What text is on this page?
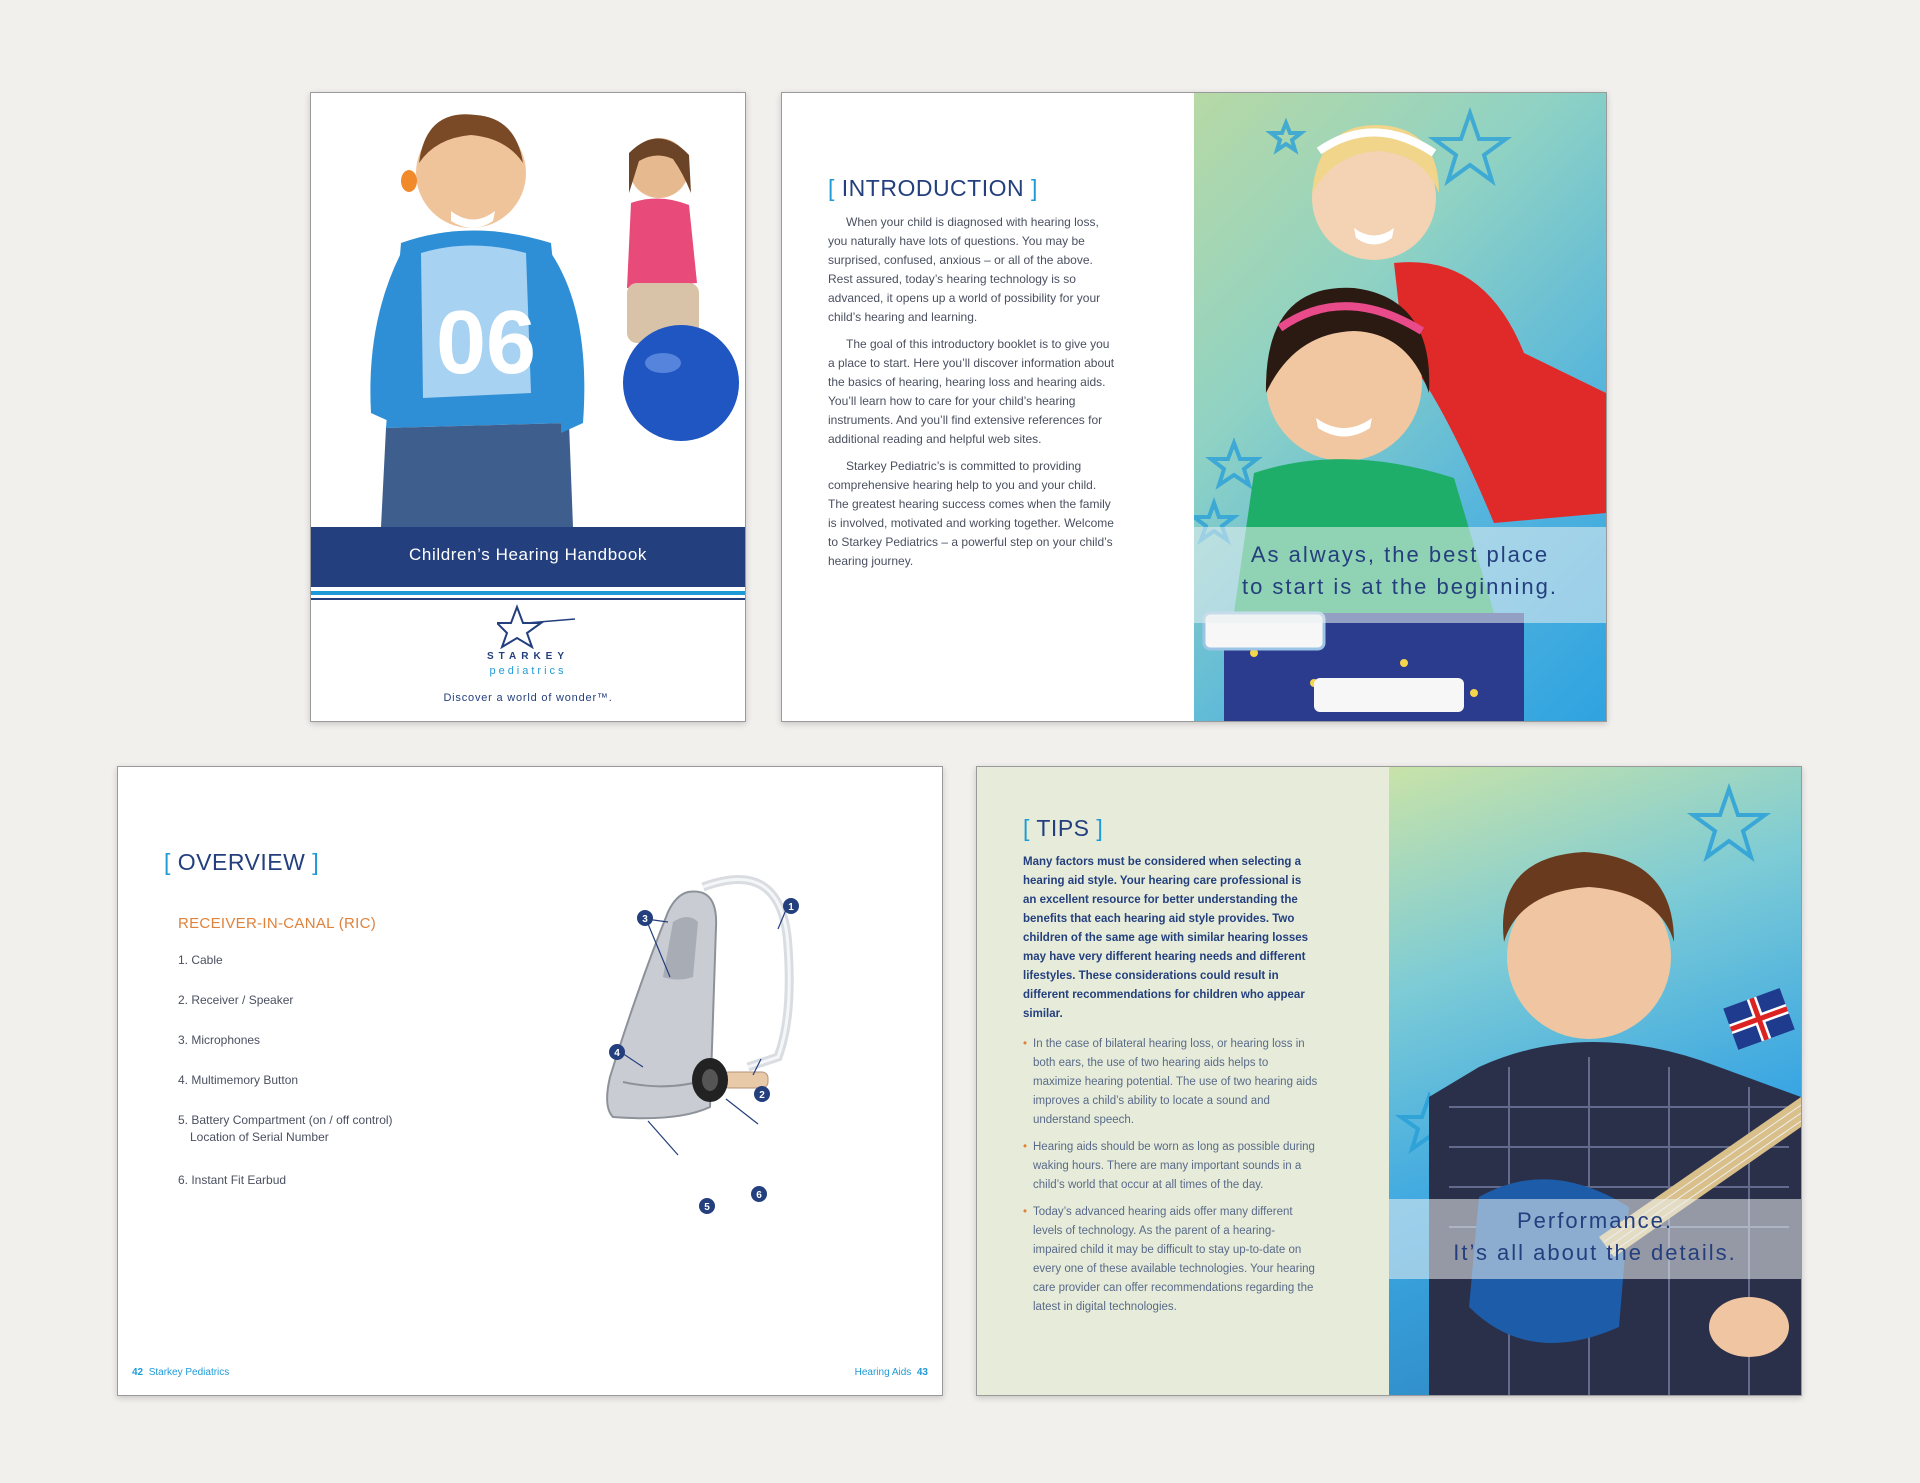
06
Children’s Hearing Handbook
STARKEY
pediatrics
Discover a world of wonder™.
[ INTRODUCTION ]

When your child is diagnosed with hearing loss, you naturally have lots of questions. You may be surprised, confused, anxious – or all of the above. Rest assured, today’s hearing technology is so advanced, it opens up a world of possibility for your child’s hearing and learning.

The goal of this introductory booklet is to give you a place to start. Here you’ll discover information about the basics of hearing, hearing loss and hearing aids. You’ll learn how to care for your child’s hearing instruments. And you’ll find extensive references for additional reading and helpful web sites.

Starkey Pediatric’s is committed to providing comprehensive hearing help to you and your child. The greatest hearing success comes when the family is involved, motivated and working together. Welcome to Starkey Pediatrics – a powerful step on your child’s hearing journey.	As always, the best place
to start is at the beginning.
[ OVERVIEW ]
RECEIVER-IN-CANAL (RIC)
1. Cable
2. Receiver / Speaker
3. Microphones
4. Multimemory Button
5. Battery Compartment (on / off control)
Location of Serial Number
6. Instant Fit Earbud
1
2
3
4
5
6
42 Starkey Pediatrics	Hearing Aids 43
[ TIPS ]
Many factors must be considered when selecting a hearing aid style. Your hearing care professional is an excellent resource for better understanding the benefits that each hearing aid style provides. Two children of the same age with similar hearing losses may have very different hearing needs and different lifestyles. These considerations could result in different recommendations for children who appear similar.
• In the case of bilateral hearing loss, or hearing loss in both ears, the use of two hearing aids helps to maximize hearing potential. The use of two hearing aids improves a child’s ability to locate a sound and understand speech.
• Hearing aids should be worn as long as possible during waking hours. There are many important sounds in a child’s world that occur at all times of the day.
• Today’s advanced hearing aids offer many different levels of technology. As the parent of a hearing-impaired child it may be difficult to stay up-to-date on every one of these available technologies. Your hearing care provider can offer recommendations regarding the latest in digital technologies.
Performance.
It’s all about the details.
